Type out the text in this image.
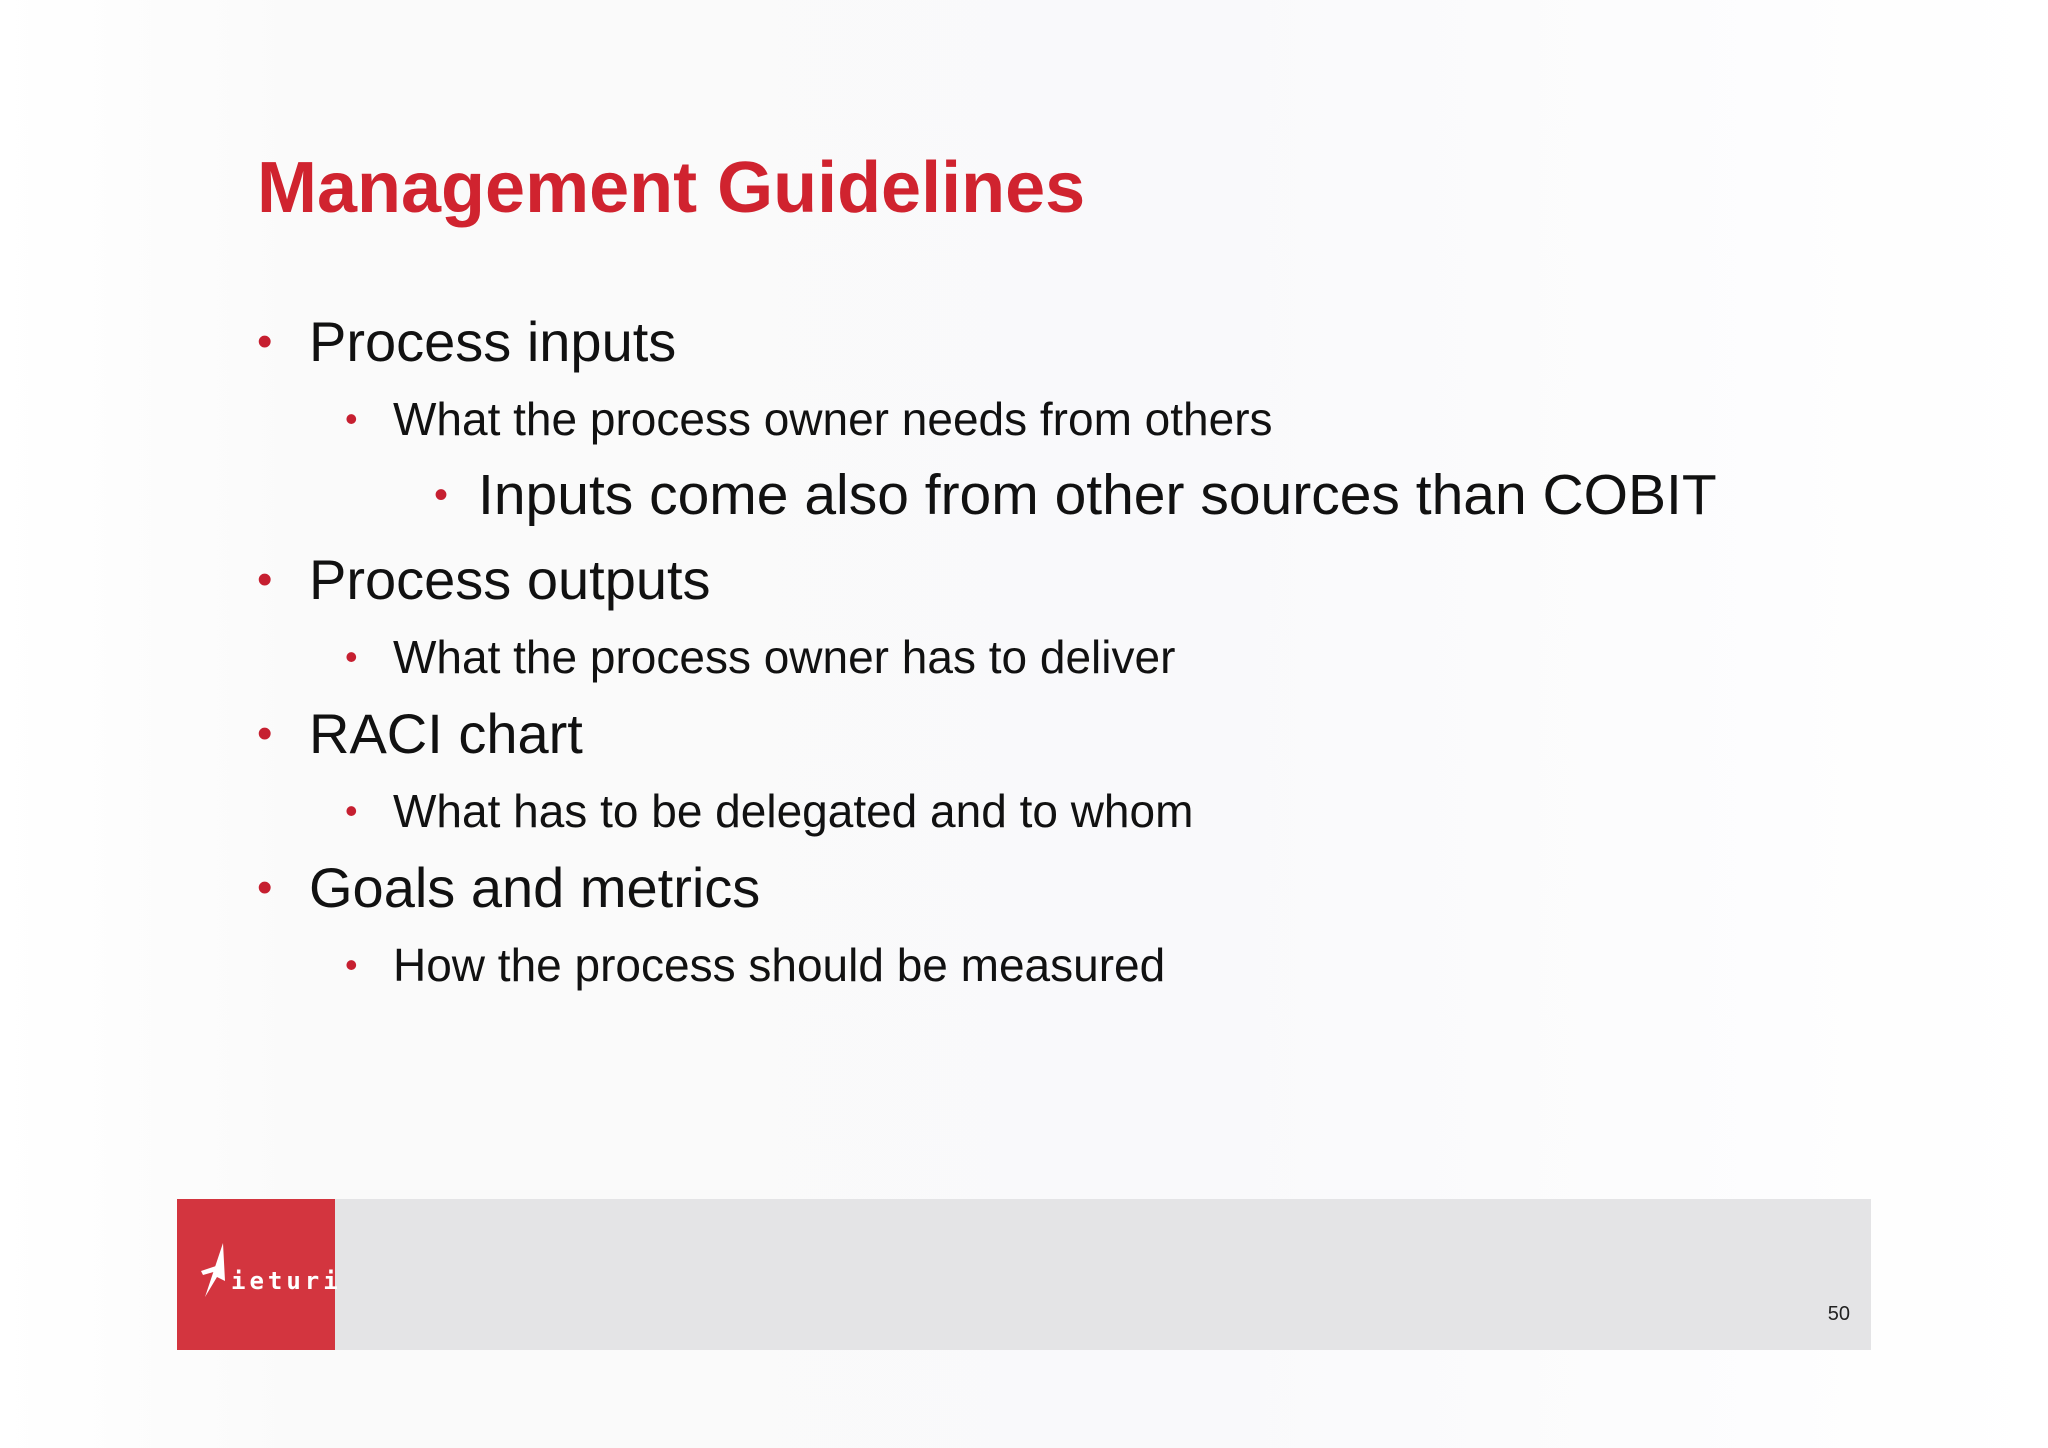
Management Guidelines
• Process inputs
• What the process owner needs from others
• Inputs come also from other sources than COBIT
• Process outputs
• What the process owner has to deliver
• RACI chart
• What has to be delegated and to whom
• Goals and metrics
• How the process should be measured
ieturi
50
